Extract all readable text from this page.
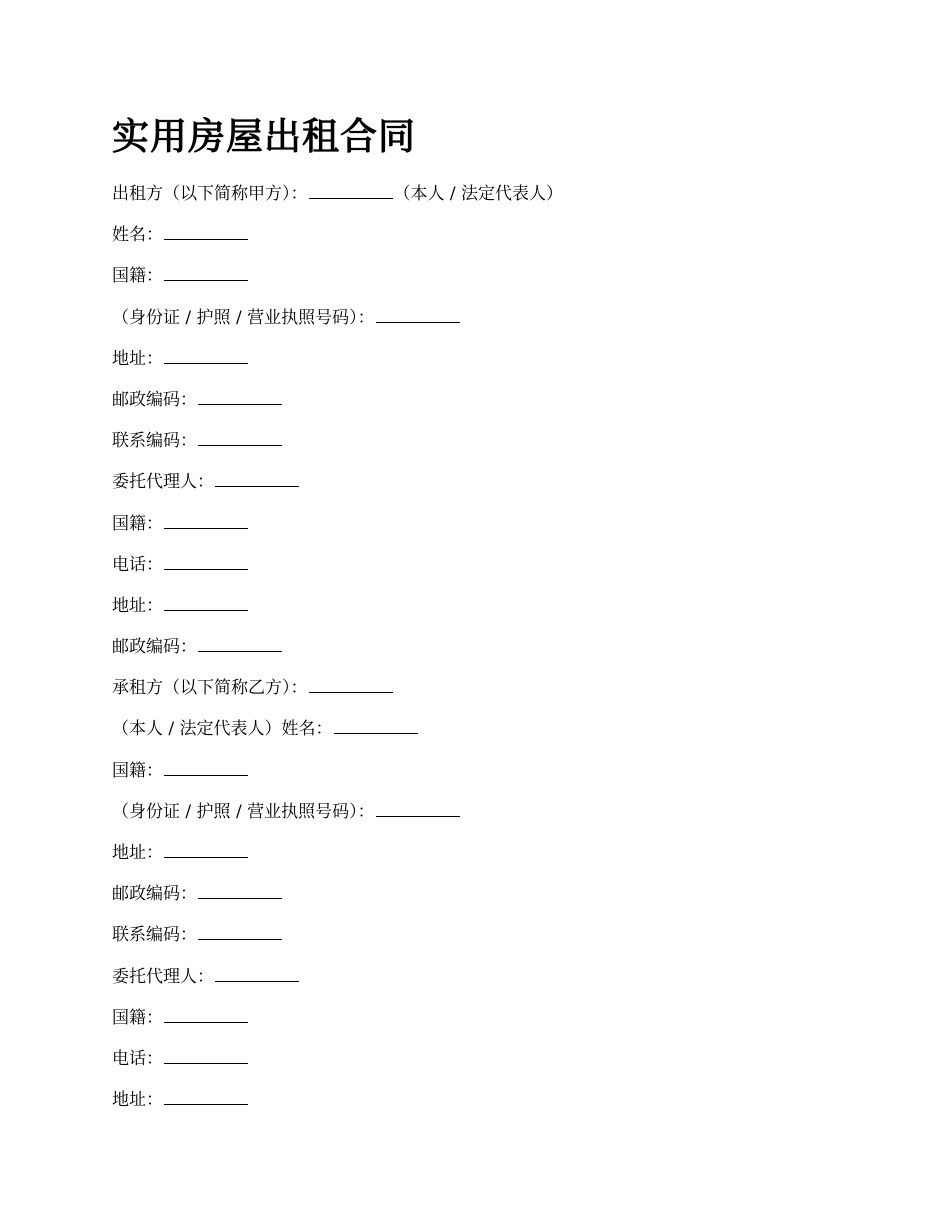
实用房屋出租合同
出租方（以下简称甲方）：	（本人 / 法定代表人）
姓名：
国籍：
（身份证 / 护照 / 营业执照号码）：
地址：
邮政编码：
联系编码：
委托代理人：
国籍：
电话：
地址：
邮政编码：
承租方（以下简称乙方）：
（本人 / 法定代表人）姓名：
国籍：
（身份证 / 护照 / 营业执照号码）：
地址：
邮政编码：
联系编码：
委托代理人：
国籍：
电话：
地址：
